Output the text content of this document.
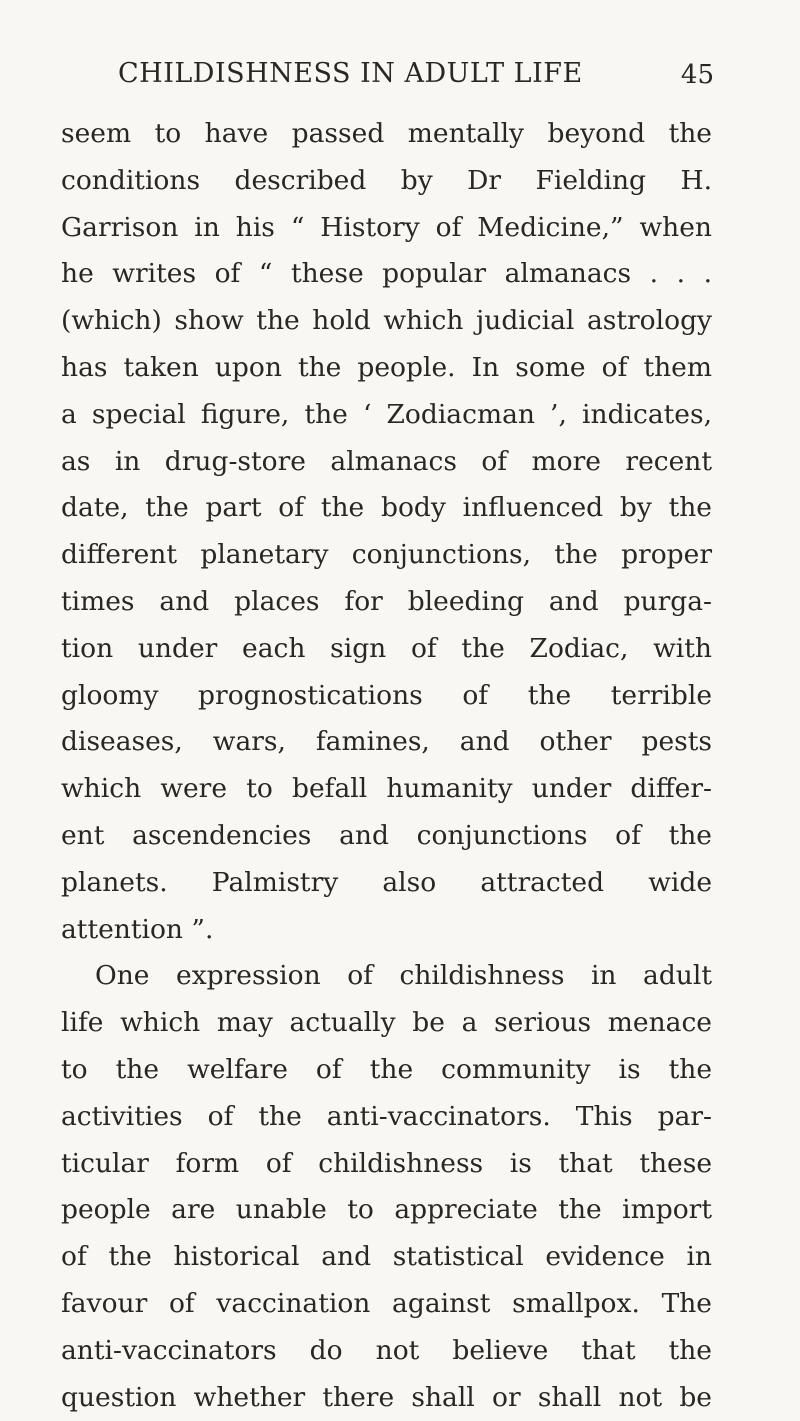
CHILDISHNESS IN ADULT LIFE	45
seem to have passed mentally beyond the
conditions described by Dr Fielding H.
Garrison in his “ History of Medicine,” when
he writes of “ these popular almanacs . . .
(which) show the hold which judicial astrology
has taken upon the people. In some of them
a special figure, the ‘ Zodiacman ’, indicates,
as in drug-store almanacs of more recent
date, the part of the body influenced by the
different planetary conjunctions, the proper
times and places for bleeding and purga-
tion under each sign of the Zodiac, with
gloomy prognostications of the terrible
diseases, wars, famines, and other pests
which were to befall humanity under differ-
ent ascendencies and conjunctions of the
planets. Palmistry also attracted wide
attention ”.
One expression of childishness in adult
life which may actually be a serious menace
to the welfare of the community is the
activities of the anti-vaccinators. This par-
ticular form of childishness is that these
people are unable to appreciate the import
of the historical and statistical evidence in
favour of vaccination against smallpox. The
anti-vaccinators do not believe that the
question whether there shall or shall not be
